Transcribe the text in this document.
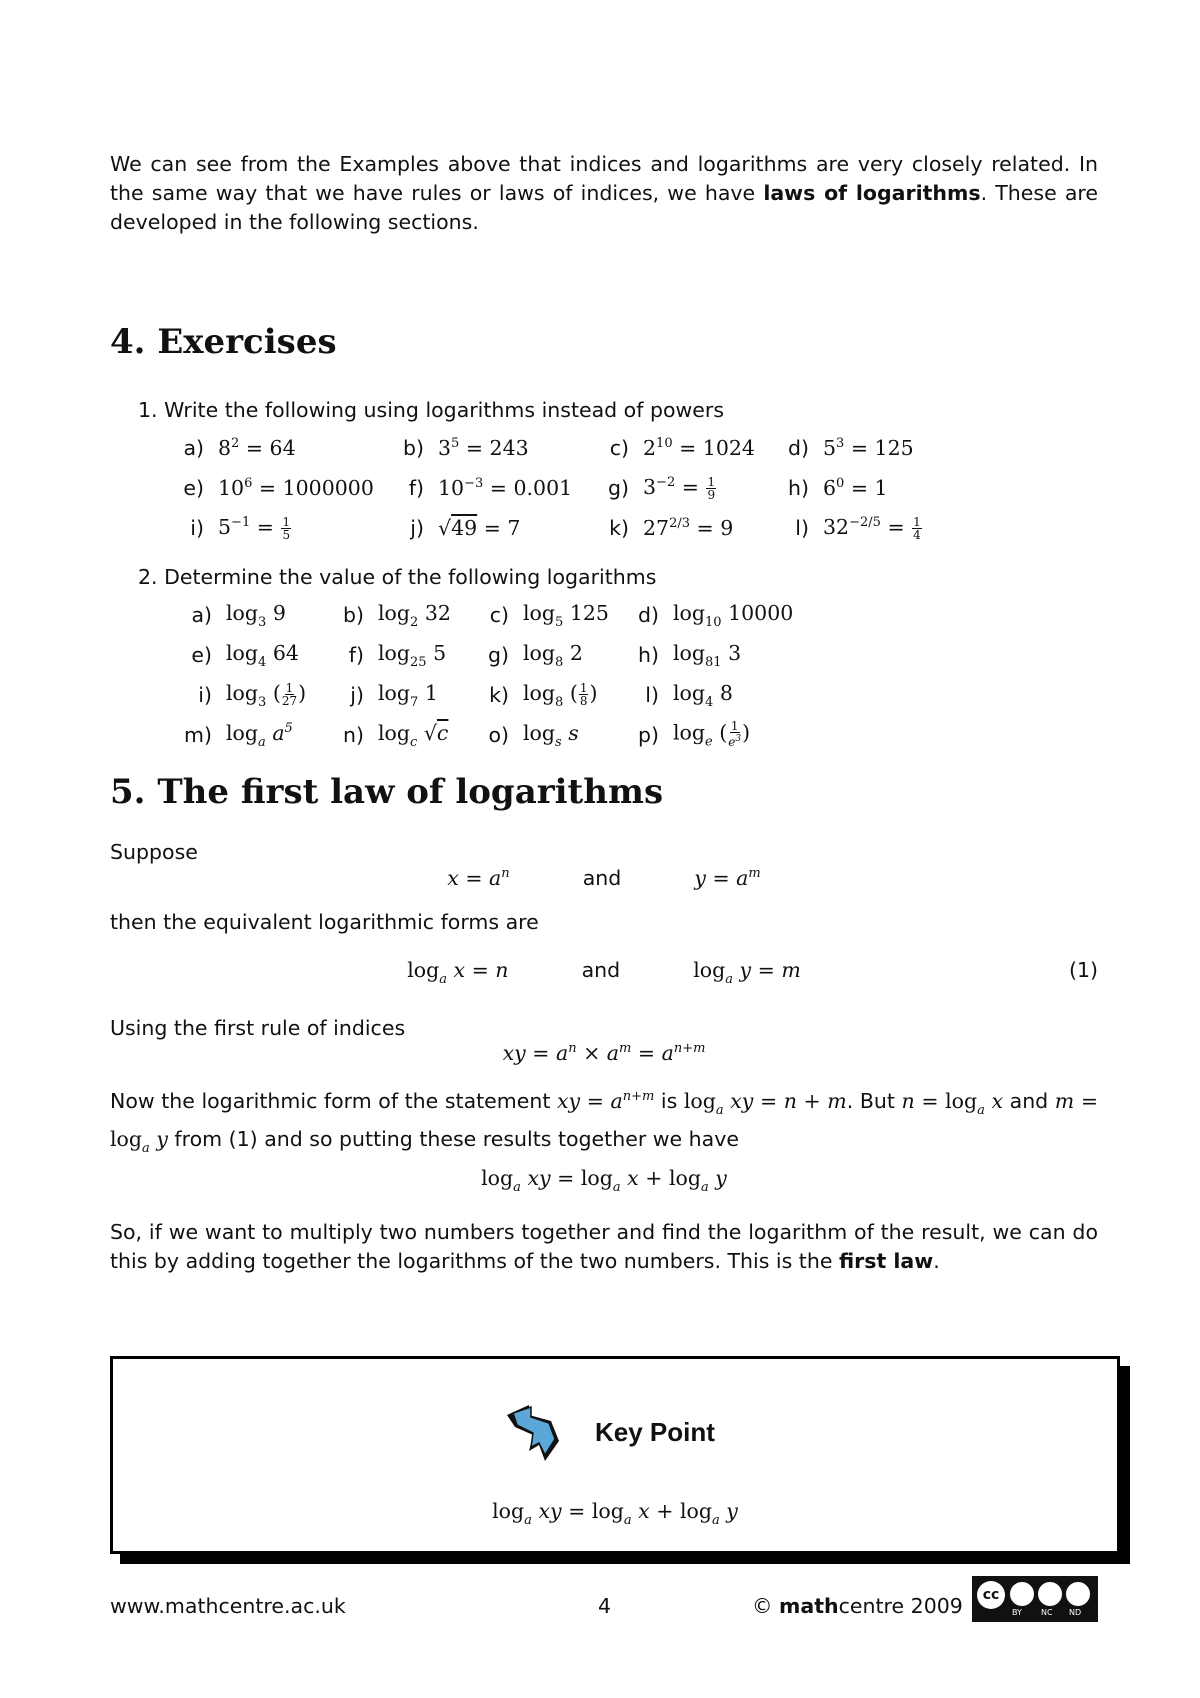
We can see from the Examples above that indices and logarithms are very closely related. In the same way that we have rules or laws of indices, we have laws of logarithms. These are developed in the following sections.
4. Exercises
1. Write the following using logarithms instead of powers
a) $8^2 = 64$	b) $3^5 = 243$	c) $2^{10} = 1024$ d) $5^3 = 125$
e) $10^6 = 1000000$	f) $10^{-3} = 0.001$ g) $3^{-2} = \frac{1}{9}$	h) $6^0 = 1$
i) $5^{-1} = \frac{1}{5}$	j) √49 = 7	k) $27^{2/3} = 9$	l) $32^{-2/5} = \frac{1}{4}$
2. Determine the value of the following logarithms
a) $\log_3 9$	b) $\log_2 32$ c) $\log_5 125$ d) $\log_{10} 10000$
e) $\log_4 64$	f) $\log_{25} 5$ g) $\log_8 2$	h) $\log_{81} 3$
i) $\log_3$ ( $\frac{1}{27}$ )	j) $\log_7 1$	k) $\log_8$ ( $\frac{1}{8}$ )	l) $\log_4 8$
m) $\log_a a^5$ n) $\log_c √c$ o) $\log_s s$	p) $\log_e$ ( $\frac{1}{e^3}$ )
5. The first law of logarithms
Suppose
$x = a^n$	and	$y = a^m$
then the equivalent logarithmic forms are
$\log_a x = n$	and	$\log_a y = m$	(1)
Using the first rule of indices
xy = $a^n \times a^m = a^{n+m}$
Now the logarithmic form of the statement xy = $a^{n+m}$ is $\log_a$ xy = n + m. But $n = \log_a x$ and $m = \log_a y$ from (1) and so putting these results together we have
$\log_a$ xy = $\log_a x + \log_a y$
So, if we want to multiply two numbers together and find the logarithm of the result, we can do this by adding together the logarithms of the two numbers. This is the first law.
Key Point
$\log_a$ xy = $\log_a x + \log_a y$
www.mathcentre.ac.uk	4	© mathcentre 2009	cc
BY NC ND
